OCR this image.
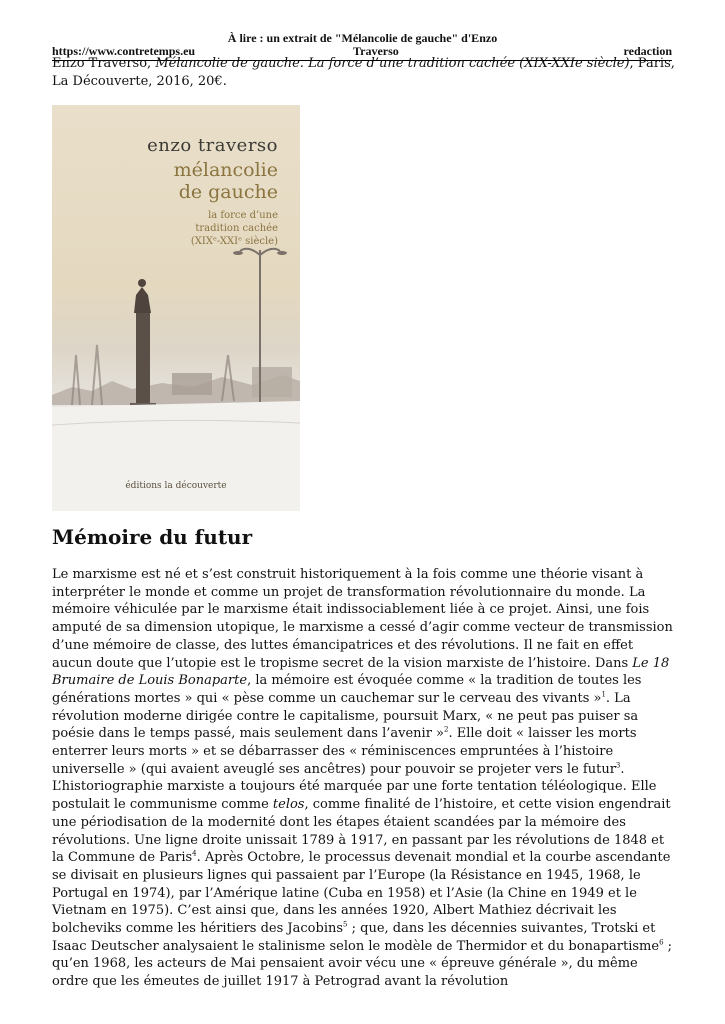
À lire : un extrait de "Mélancolie de gauche" d'Enzo
https://www.contretemps.eu	Traverso	redaction
Enzo Traverso, Mélancolie de gauche. La force d’une tradition cachée (XIX-XXIe siècle), Paris, La Découverte, 2016, 20€.
enzo traverso
mélancolie
de gauche
la force d’une
tradition cachée
(XIXᵉ-XXIᵉ siècle)
éditions la découverte
Mémoire du futur

Le marxisme est né et s’est construit historiquement à la fois comme une théorie visant à interpréter le monde et comme un projet de transformation révolutionnaire du monde. La mémoire véhiculée par le marxisme était indissociablement liée à ce projet. Ainsi, une fois amputé de sa dimension utopique, le marxisme a cessé d’agir comme vecteur de transmission d’une mémoire de classe, des luttes émancipatrices et des révolutions. Il ne fait en effet aucun doute que l’utopie est le tropisme secret de la vision marxiste de l’histoire. Dans Le 18 Brumaire de Louis Bonaparte, la mémoire est évoquée comme « la tradition de toutes les générations mortes » qui « pèse comme un cauchemar sur le cerveau des vivants »$^1$. La révolution moderne dirigée contre le capitalisme, poursuit Marx, « ne peut pas puiser sa poésie dans le temps passé, mais seulement dans l’avenir »$^2$. Elle doit « laisser les morts enterrer leurs morts » et se débarrasser des « réminiscences empruntées à l’histoire universelle » (qui avaient aveuglé ses ancêtres) pour pouvoir se projeter vers le futur$^3$. L’historiographie marxiste a toujours été marquée par une forte tentation téléologique. Elle postulait le communisme comme telos, comme finalité de l’histoire, et cette vision engendrait une périodisation de la modernité dont les étapes étaient scandées par la mémoire des révolutions. Une ligne droite unissait 1789 à 1917, en passant par les révolutions de 1848 et la Commune de Paris$^4$. Après Octobre, le processus devenait mondial et la courbe ascendante se divisait en plusieurs lignes qui passaient par l’Europe (la Résistance en 1945, 1968, le Portugal en 1974), par l’Amérique latine (Cuba en 1958) et l’Asie (la Chine en 1949 et le Vietnam en 1975). C’est ainsi que, dans les années 1920, Albert Mathiez décrivait les bolcheviks comme les héritiers des Jacobins$^5$ ; que, dans les décennies suivantes, Trotski et Isaac Deutscher analysaient le stalinisme selon le modèle de Thermidor et du bonapartisme$^6$ ; qu’en 1968, les acteurs de Mai pensaient avoir vécu une « épreuve générale », du même ordre que les émeutes de juillet 1917 à Petrograd avant la révolution
